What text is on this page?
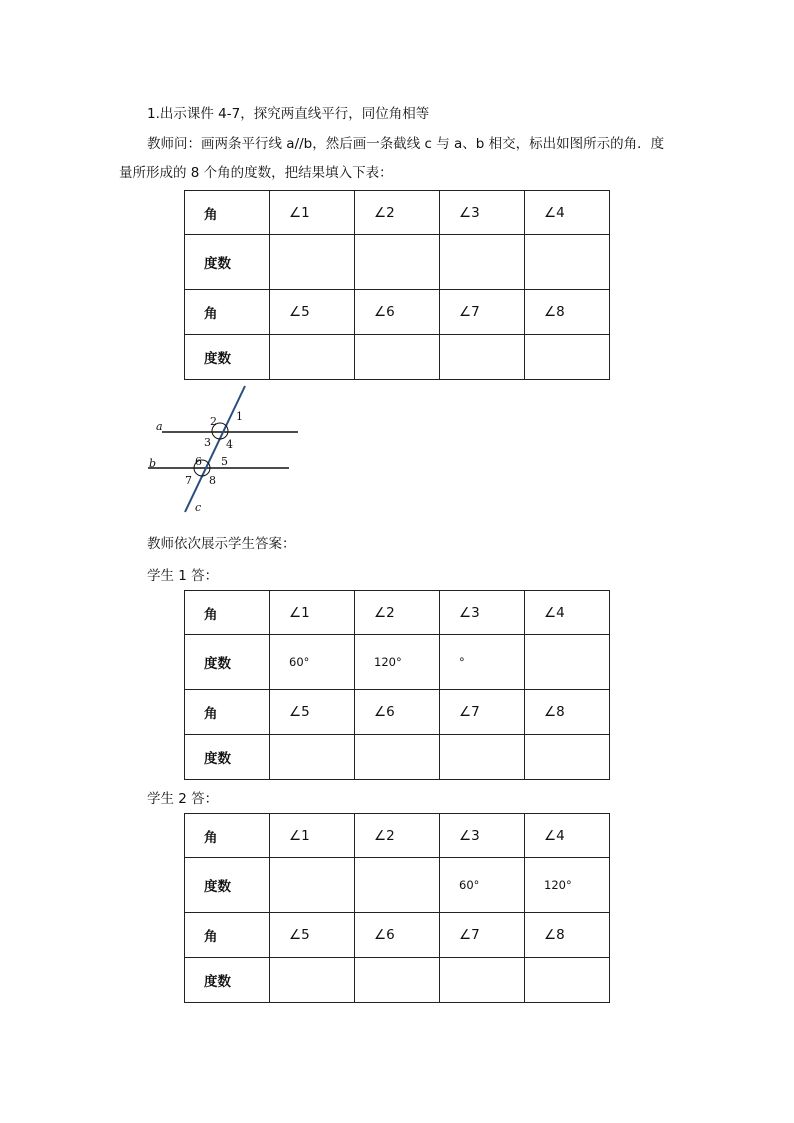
1.出示课件 4-7，探究两直线平行，同位角相等
教师问：画两条平行线 a//b，然后画一条截线 c 与 a、b 相交，标出如图所示的角．度
量所形成的 8 个角的度数，把结果填入下表：
角	∠1	∠2	∠3	∠4
度数				
角	∠5	∠6	∠7	∠8
度数				
a
b
c
1
2
3 4
5
6
7 8
教师依次展示学生答案：
学生 1 答：
角	∠1	∠2	∠3	∠4
度数	60°	120°	°	
角	∠5	∠6	∠7	∠8
度数				
学生 2 答：
角	∠1	∠2	∠3	∠4
度数			60°	120°
角	∠5	∠6	∠7	∠8
度数				
